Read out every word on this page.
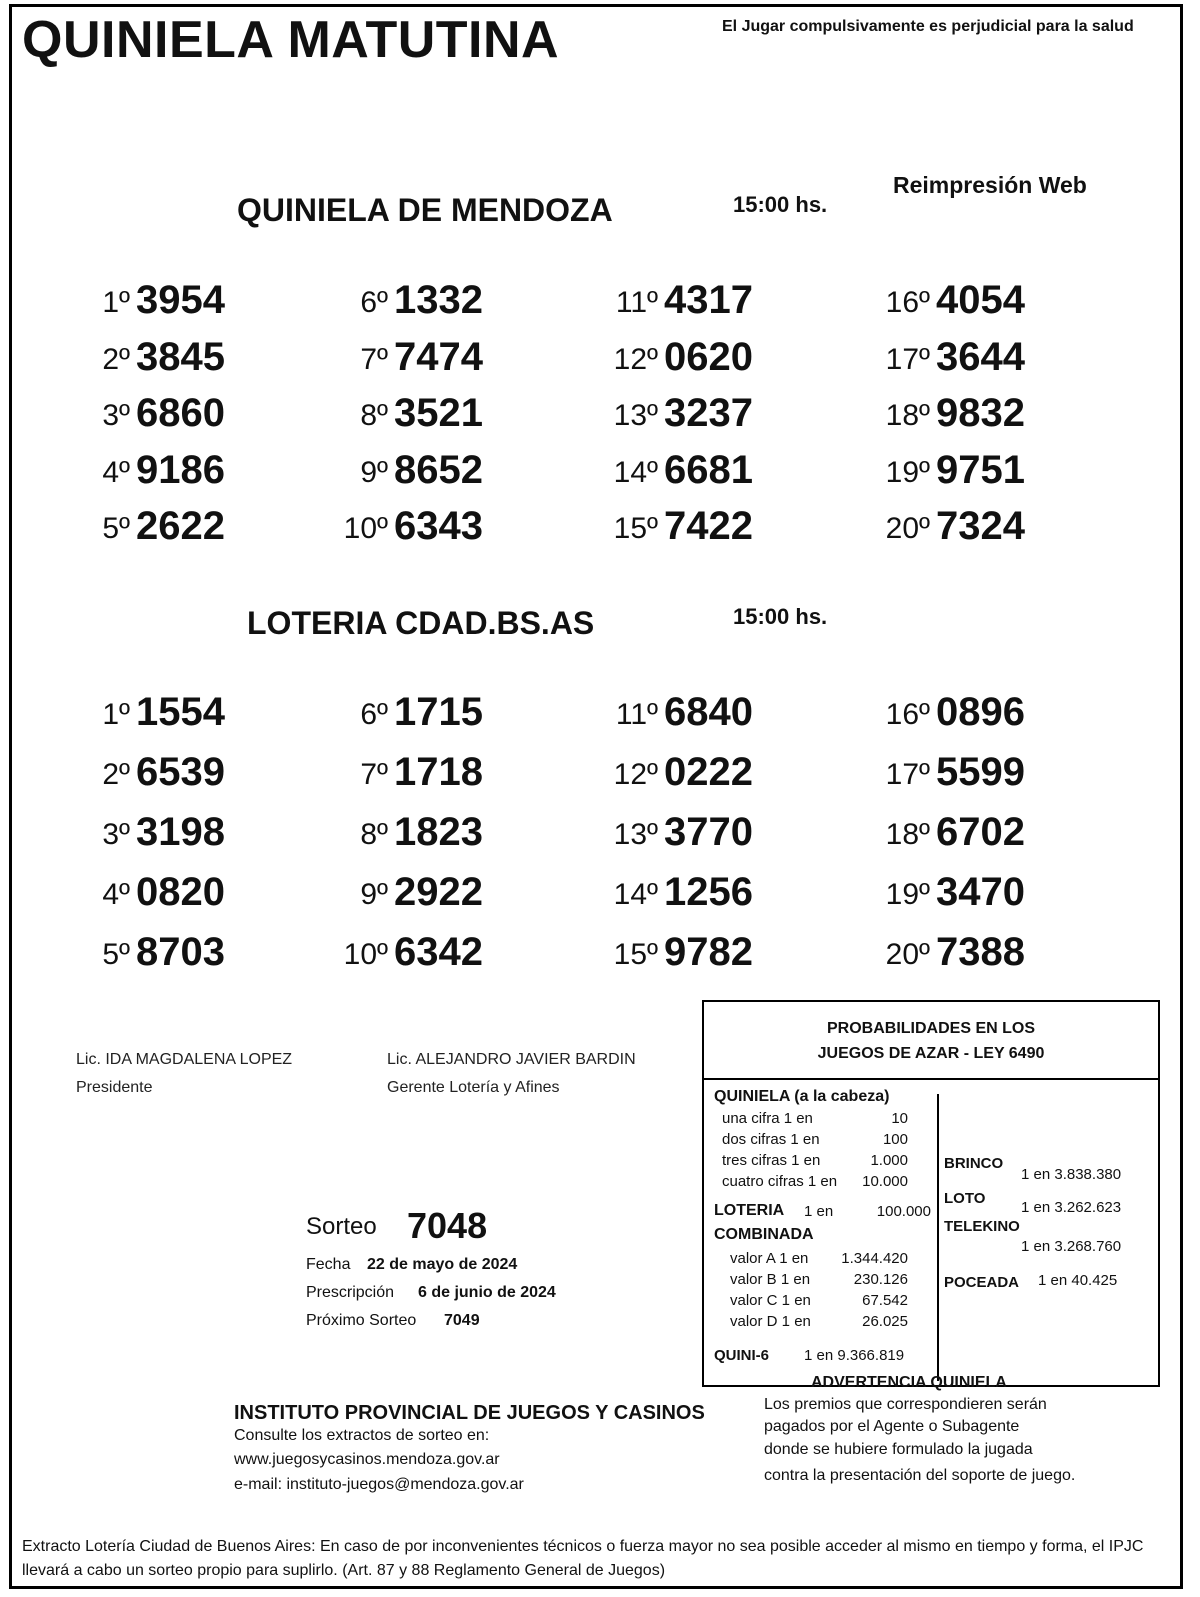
QUINIELA MATUTINA	El Jugar compulsivamente es perjudicial para la salud
Reimpresión Web
QUINIELA DE MENDOZA	15:00 hs.
1º 3954
2º 3845
3º 6860
4º 9186
5º 2622
6º 1332
7º 7474
8º 3521
9º 8652
10º 6343
11º 4317
12º 0620
13º 3237
14º 6681
15º 7422
16º 4054
17º 3644
18º 9832
19º 9751
20º 7324
LOTERIA CDAD.BS.AS	15:00 hs.
1º 1554
2º 6539
3º 3198
4º 0820
5º 8703
6º 1715
7º 1718
8º 1823
9º 2922
10º 6342
11º 6840
12º 0222
13º 3770
14º 1256
15º 9782
16º 0896
17º 5599
18º 6702
19º 3470
20º 7388
Lic. IDA MAGDALENA LOPEZ
Presidente
Lic. ALEJANDRO JAVIER BARDIN
Gerente Lotería y Afines
PROBABILIDADES EN LOS
JUEGOS DE AZAR - LEY 6490
QUINIELA (a la cabeza)
una cifra 1 en	10
dos cifras 1 en	100
tres cifras 1 en	1.000
cuatro cifras 1 en 10.000
LOTERIA 1 en	100.000
COMBINADA
valor A 1 en 1.344.420
valor B 1 en	230.126
valor C 1 en	67.542
valor D 1 en	26.025
QUINI-6 1 en 9.366.819
BRINCO
1 en 3.838.380
LOTO
1 en 3.262.623
TELEKINO
1 en 3.268.760
POCEADA 1 en 40.425
Sorteo 7048
Fecha 22 de mayo de 2024
Prescripción 6 de junio de 2024
Próximo Sorteo 7049
INSTITUTO PROVINCIAL DE JUEGOS Y CASINOS
Consulte los extractos de sorteo en:
www.juegosycasinos.mendoza.gov.ar
e-mail: instituto-juegos@mendoza.gov.ar
ADVERTENCIA QUINIELA
Los premios que correspondieren serán
pagados por el Agente o Subagente
donde se hubiere formulado la jugada
contra la presentación del soporte de juego.
Extracto Lotería Ciudad de Buenos Aires: En caso de por inconvenientes técnicos o fuerza mayor no sea posible acceder al mismo en tiempo y forma, el IPJC llevará a cabo un sorteo propio para suplirlo. (Art. 87 y 88 Reglamento General de Juegos)
